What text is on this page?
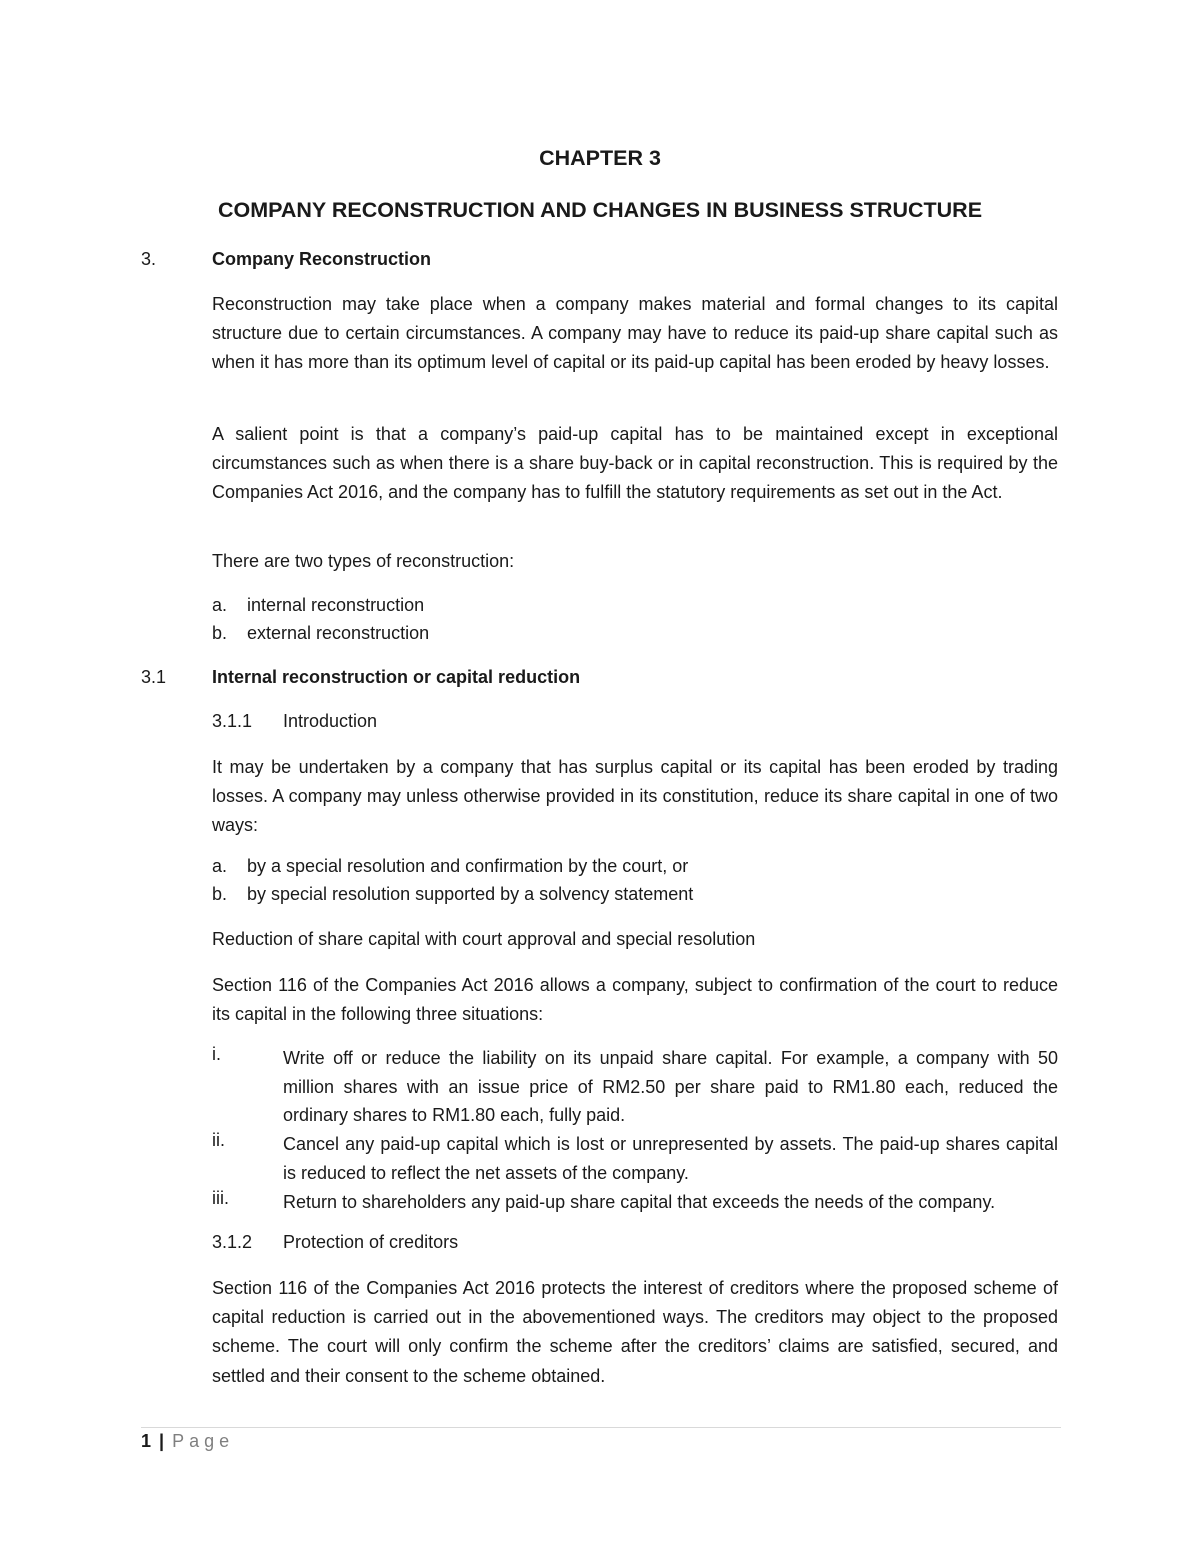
CHAPTER 3
COMPANY RECONSTRUCTION AND CHANGES IN BUSINESS STRUCTURE
3.	Company Reconstruction
Reconstruction may take place when a company makes material and formal changes to its capital structure due to certain circumstances. A company may have to reduce its paid-up share capital such as when it has more than its optimum level of capital or its paid-up capital has been eroded by heavy losses.
A salient point is that a company’s paid-up capital has to be maintained except in exceptional circumstances such as when there is a share buy-back or in capital reconstruction. This is required by the Companies Act 2016, and the company has to fulfill the statutory requirements as set out in the Act.
There are two types of reconstruction:
a. internal reconstruction
b. external reconstruction
3.1	Internal reconstruction or capital reduction
3.1.1 Introduction
It may be undertaken by a company that has surplus capital or its capital has been eroded by trading losses. A company may unless otherwise provided in its constitution, reduce its share capital in one of two ways:
a. by a special resolution and confirmation by the court, or
b. by special resolution supported by a solvency statement
Reduction of share capital with court approval and special resolution
Section 116 of the Companies Act 2016 allows a company, subject to confirmation of the court to reduce its capital in the following three situations:
i.	Write off or reduce the liability on its unpaid share capital. For example, a company with 50 million shares with an issue price of RM2.50 per share paid to RM1.80 each, reduced the ordinary shares to RM1.80 each, fully paid.
ii.	Cancel any paid-up capital which is lost or unrepresented by assets. The paid-up shares capital is reduced to reflect the net assets of the company.
iii.	Return to shareholders any paid-up share capital that exceeds the needs of the company.
3.1.2 Protection of creditors
Section 116 of the Companies Act 2016 protects the interest of creditors where the proposed scheme of capital reduction is carried out in the abovementioned ways. The creditors may object to the proposed scheme. The court will only confirm the scheme after the creditors’ claims are satisfied, secured, and settled and their consent to the scheme obtained.
1 | Page
